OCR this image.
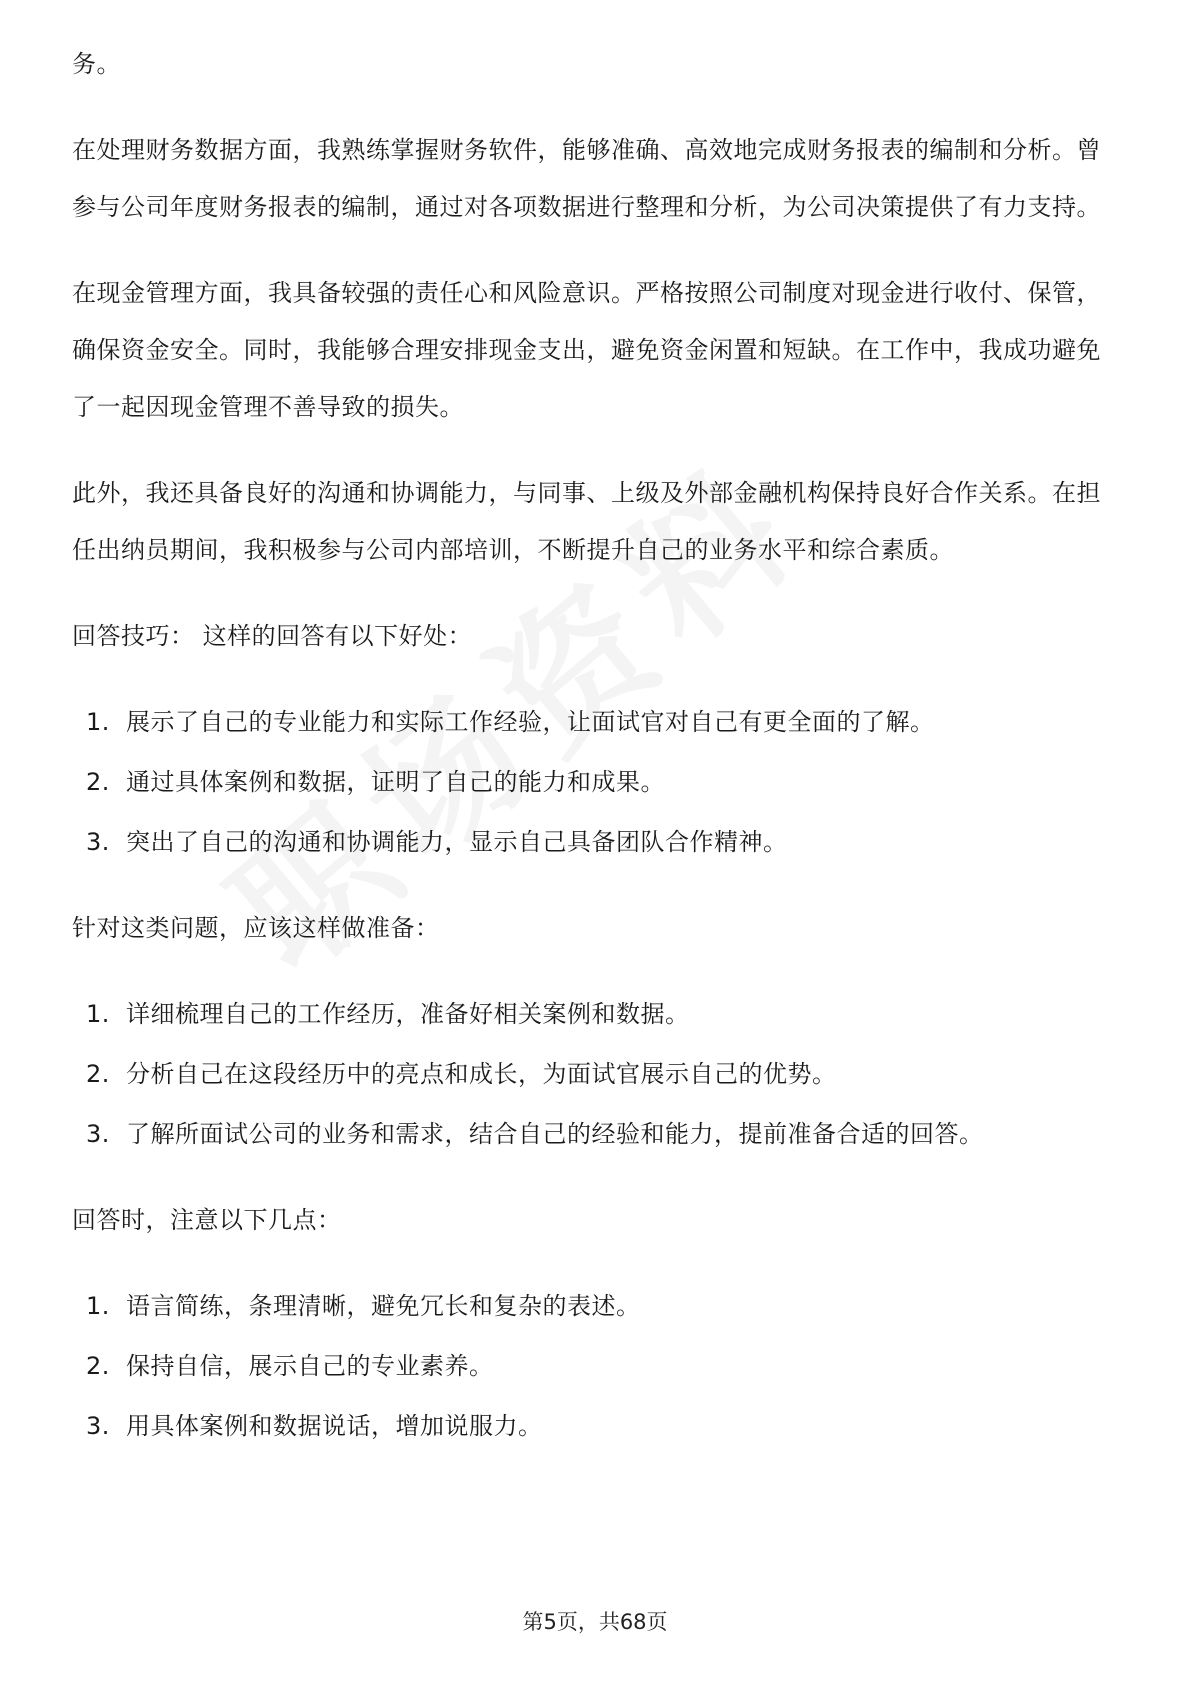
务。

在处理财务数据方面，我熟练掌握财务软件，能够准确、高效地完成财务报表的编制和分析。曾参与公司年度财务报表的编制，通过对各项数据进行整理和分析，为公司决策提供了有力支持。

在现金管理方面，我具备较强的责任心和风险意识。严格按照公司制度对现金进行收付、保管，确保资金安全。同时，我能够合理安排现金支出，避免资金闲置和短缺。在工作中，我成功避免了一起因现金管理不善导致的损失。

此外，我还具备良好的沟通和协调能力，与同事、上级及外部金融机构保持良好合作关系。在担任出纳员期间，我积极参与公司内部培训，不断提升自己的业务水平和综合素质。

回答技巧： 这样的回答有以下好处：

1. 展示了自己的专业能力和实际工作经验，让面试官对自己有更全面的了解。
2. 通过具体案例和数据，证明了自己的能力和成果。
3. 突出了自己的沟通和协调能力，显示自己具备团队合作精神。

针对这类问题，应该这样做准备：

1. 详细梳理自己的工作经历，准备好相关案例和数据。
2. 分析自己在这段经历中的亮点和成长，为面试官展示自己的优势。
3. 了解所面试公司的业务和需求，结合自己的经验和能力，提前准备合适的回答。

回答时，注意以下几点：

1. 语言简练，条理清晰，避免冗长和复杂的表述。
2. 保持自信，展示自己的专业素养。
3. 用具体案例和数据说话，增加说服力。
第5页，共68页
